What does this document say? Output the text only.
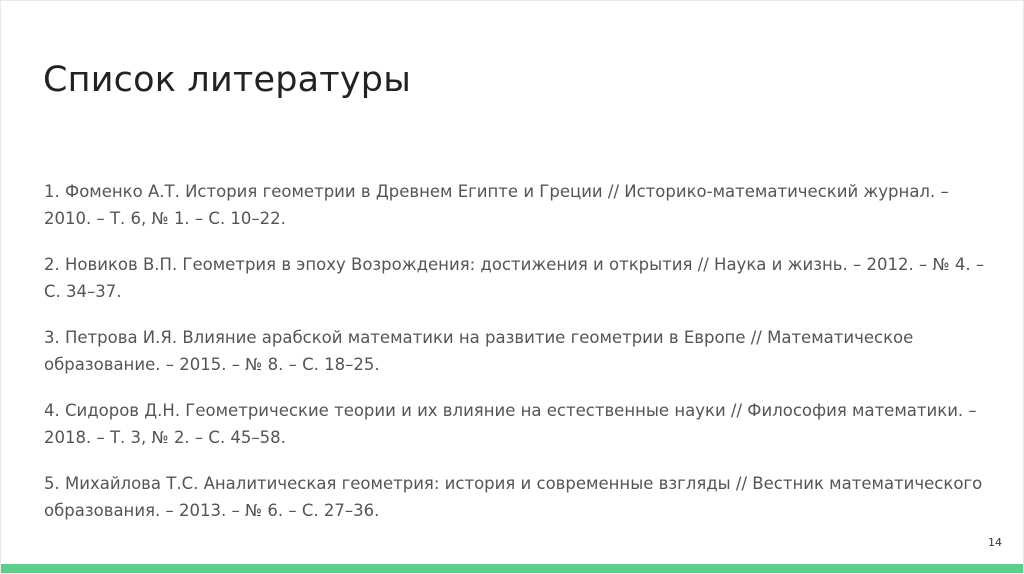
Список литературы
1. Фоменко А.Т. История геометрии в Древнем Египте и Греции // Историко-математический журнал. – 2010. – Т. 6, № 1. – С. 10–22.
2. Новиков В.П. Геометрия в эпоху Возрождения: достижения и открытия // Наука и жизнь. – 2012. – № 4. – С. 34–37.
3. Петрова И.Я. Влияние арабской математики на развитие геометрии в Европе // Математическое образование. – 2015. – № 8. – С. 18–25.
4. Сидоров Д.Н. Геометрические теории и их влияние на естественные науки // Философия математики. – 2018. – Т. 3, № 2. – С. 45–58.
5. Михайлова Т.С. Аналитическая геометрия: история и современные взгляды // Вестник математического образования. – 2013. – № 6. – С. 27–36.
14
